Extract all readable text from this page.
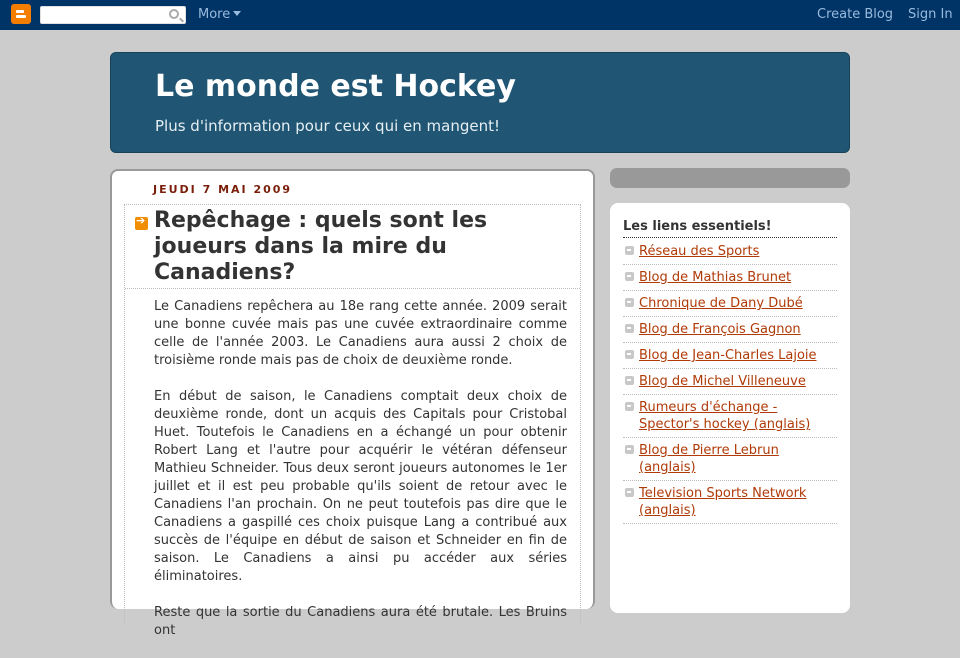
More	Create Blog Sign In
Le monde est Hockey
Plus d'information pour ceux qui en mangent!
JEUDI 7 MAI 2009
➔
Repêchage : quels sont les joueurs dans la mire du Canadiens?

Le Canadiens repêchera au 18e rang cette année. 2009 serait une bonne cuvée mais pas une cuvée extraordinaire comme celle de l'année 2003. Le Canadiens aura aussi 2 choix de troisième ronde mais pas de choix de deuxième ronde.

En début de saison, le Canadiens comptait deux choix de deuxième ronde, dont un acquis des Capitals pour Cristobal Huet. Toutefois le Canadiens en a échangé un pour obtenir Robert Lang et l'autre pour acquérir le vétéran défenseur Mathieu Schneider. Tous deux seront joueurs autonomes le 1er juillet et il est peu probable qu'ils soient de retour avec le Canadiens l'an prochain. On ne peut toutefois pas dire que le Canadiens a gaspillé ces choix puisque Lang a contribué aux succès de l'équipe en début de saison et Schneider en fin de saison. Le Canadiens a ainsi pu accéder aux séries éliminatoires.

Reste que la sortie du Canadiens aura été brutale. Les Bruins ont

Les liens essentiels!
Réseau des Sports
Blog de Mathias Brunet
Chronique de Dany Dubé
Blog de François Gagnon
Blog de Jean-Charles Lajoie
Blog de Michel Villeneuve
Rumeurs d'échange - Spector's hockey (anglais)
Blog de Pierre Lebrun (anglais)
Television Sports Network (anglais)
